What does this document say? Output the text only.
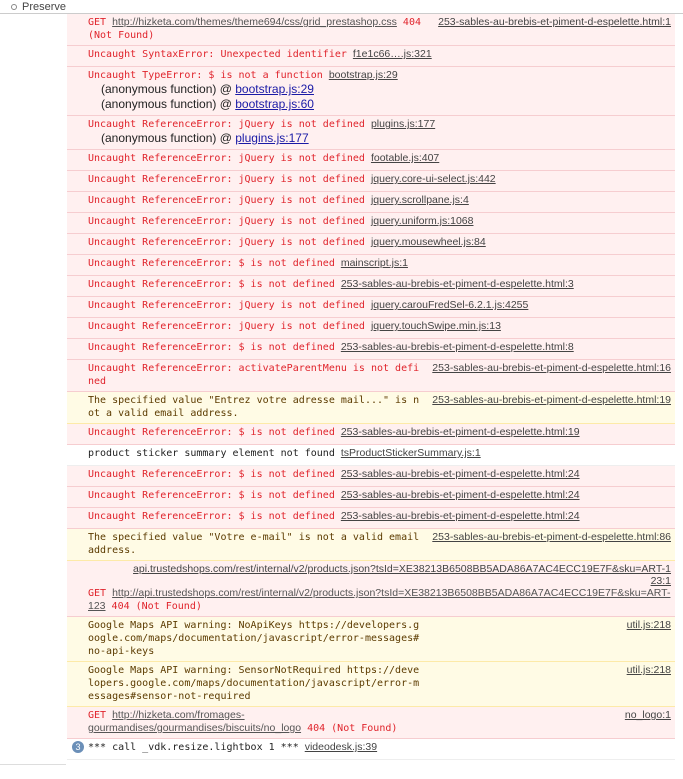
Preserve
GET http://hizketa.com/themes/theme694/css/grid_prestashop.css 404 (Not Found)
253-sables-au-brebis-et-piment-d-espelette.html:1
Uncaught SyntaxError: Unexpected identifier f1e1c66….js:321
Uncaught TypeError: $ is not a function bootstrap.js:29
(anonymous function) @ bootstrap.js:29
(anonymous function) @ bootstrap.js:60
Uncaught ReferenceError: jQuery is not defined plugins.js:177
(anonymous function) @ plugins.js:177
Uncaught ReferenceError: jQuery is not defined footable.js:407
Uncaught ReferenceError: jQuery is not defined jquery.core-ui-select.js:442
Uncaught ReferenceError: jQuery is not defined jquery.scrollpane.js:4
Uncaught ReferenceError: jQuery is not defined jquery.uniform.js:1068
Uncaught ReferenceError: jQuery is not defined jquery.mousewheel.js:84
Uncaught ReferenceError: $ is not defined mainscript.js:1
Uncaught ReferenceError: $ is not defined 253-sables-au-brebis-et-piment-d-espelette.html:3
Uncaught ReferenceError: jQuery is not defined jquery.carouFredSel-6.2.1.js:4255
Uncaught ReferenceError: jQuery is not defined jquery.touchSwipe.min.js:13
Uncaught ReferenceError: $ is not defined 253-sables-au-brebis-et-piment-d-espelette.html:8
Uncaught ReferenceError: activateParentMenu is not defined
253-sables-au-brebis-et-piment-d-espelette.html:16
The specified value "Entrez votre adresse mail..." is not a valid email address.
253-sables-au-brebis-et-piment-d-espelette.html:19
Uncaught ReferenceError: $ is not defined 253-sables-au-brebis-et-piment-d-espelette.html:19
product sticker summary element not found tsProductStickerSummary.js:1
Uncaught ReferenceError: $ is not defined 253-sables-au-brebis-et-piment-d-espelette.html:24
Uncaught ReferenceError: $ is not defined 253-sables-au-brebis-et-piment-d-espelette.html:24
Uncaught ReferenceError: $ is not defined 253-sables-au-brebis-et-piment-d-espelette.html:24
The specified value "Votre e-mail" is not a valid email address.
253-sables-au-brebis-et-piment-d-espelette.html:86
api.trustedshops.com/rest/internal/v2/products.json?tsId=XE38213B6508BB5ADA86A7AC4ECC19E7F&sku=ART-123:1
GET http://api.trustedshops.com/rest/internal/v2/products.json?tsId=XE38213B6508BB5ADA86A7AC4ECC19E7F&sku=ART-123 404 (Not Found)
Google Maps API warning: NoApiKeys https://developers.google.com/maps/documentation/javascript/error-messages#no-api-keys
util.js:218
Google Maps API warning: SensorNotRequired https://developers.google.com/maps/documentation/javascript/error-messages#sensor-not-required
util.js:218
GET http://hizketa.com/fromages-gourmandises/gourmandises/biscuits/no_logo 404 (Not Found)
no_logo:1
3 *** call _vdk.resize.lightbox 1 *** videodesk.js:39
